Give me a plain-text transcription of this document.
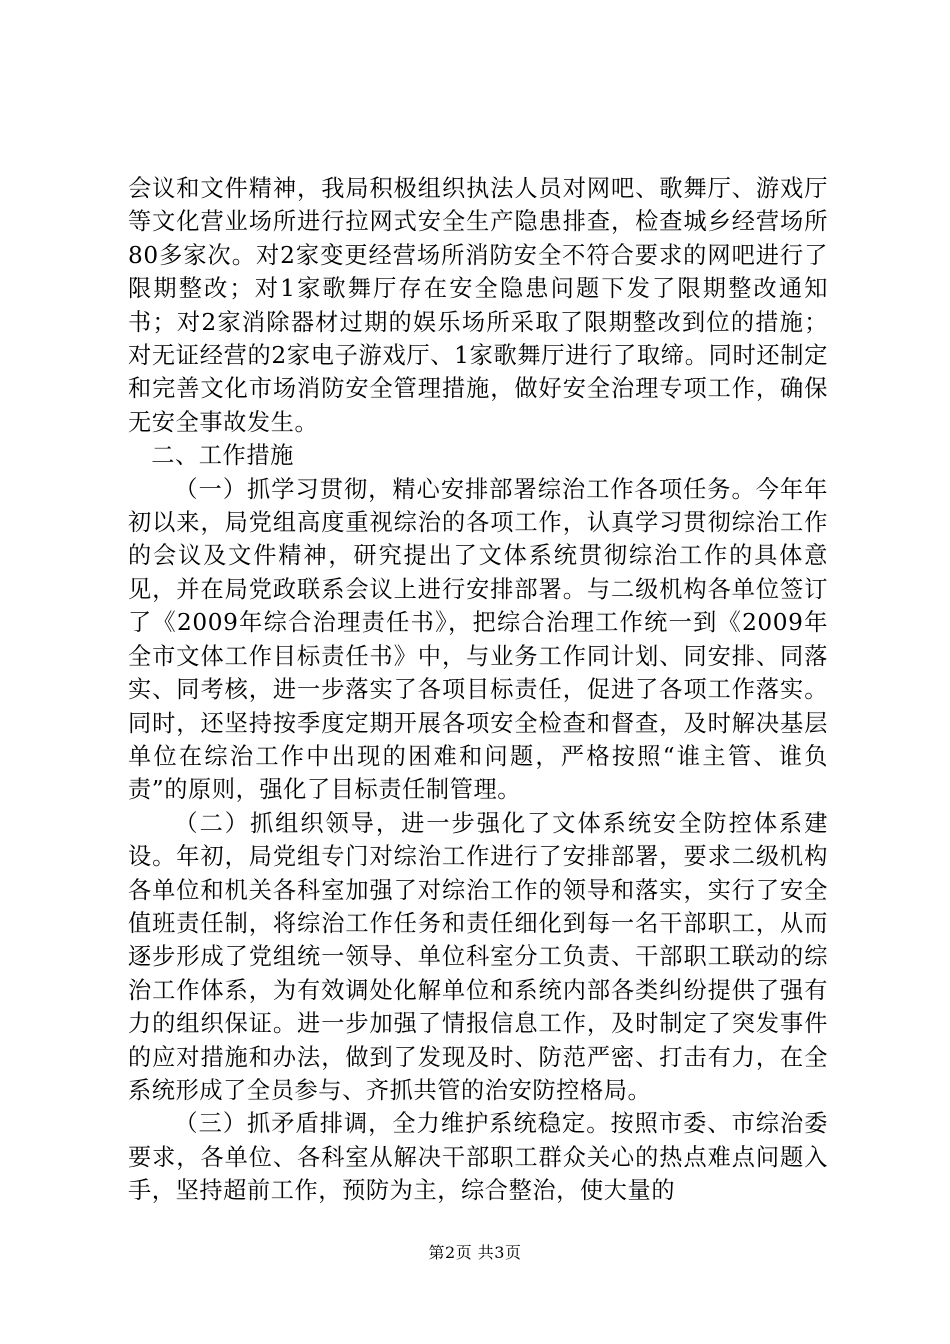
会议和文件精神，我局积极组织执法人员对网吧、歌舞厅、游戏厅等文化营业场所进行拉网式安全生产隐患排查，检查城乡经营场所80多家次。对2家变更经营场所消防安全不符合要求的网吧进行了限期整改；对1家歌舞厅存在安全隐患问题下发了限期整改通知书；对2家消除器材过期的娱乐场所采取了限期整改到位的措施；对无证经营的2家电子游戏厅、1家歌舞厅进行了取缔。同时还制定和完善文化市场消防安全管理措施，做好安全治理专项工作，确保无安全事故发生。

二、工作措施

（一）抓学习贯彻，精心安排部署综治工作各项任务。今年年初以来，局党组高度重视综治的各项工作，认真学习贯彻综治工作的会议及文件精神，研究提出了文体系统贯彻综治工作的具体意见，并在局党政联系会议上进行安排部署。与二级机构各单位签订了《2009年综合治理责任书》，把综合治理工作统一到《2009年全市文体工作目标责任书》中，与业务工作同计划、同安排、同落实、同考核，进一步落实了各项目标责任，促进了各项工作落实。同时，还坚持按季度定期开展各项安全检查和督查，及时解决基层单位在综治工作中出现的困难和问题，严格按照“谁主管、谁负责”的原则，强化了目标责任制管理。

（二）抓组织领导，进一步强化了文体系统安全防控体系建设。年初，局党组专门对综治工作进行了安排部署，要求二级机构各单位和机关各科室加强了对综治工作的领导和落实，实行了安全值班责任制，将综治工作任务和责任细化到每一名干部职工，从而逐步形成了党组统一领导、单位科室分工负责、干部职工联动的综治工作体系，为有效调处化解单位和系统内部各类纠纷提供了强有力的组织保证。进一步加强了情报信息工作，及时制定了突发事件的应对措施和办法，做到了发现及时、防范严密、打击有力，在全系统形成了全员参与、齐抓共管的治安防控格局。

（三）抓矛盾排调，全力维护系统稳定。按照市委、市综治委要求，各单位、各科室从解决干部职工群众关心的热点难点问题入手，坚持超前工作，预防为主，综合整治，使大量的

第2页 共3页
